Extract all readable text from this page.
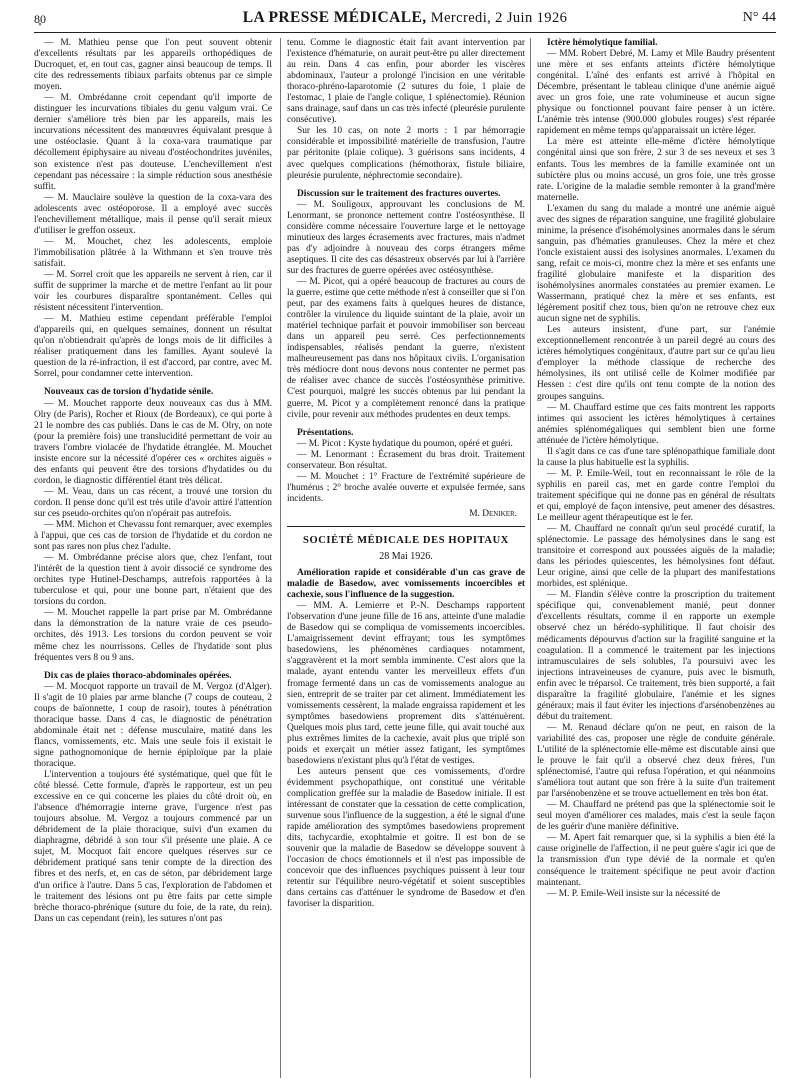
8̥0	LA PRESSE MÉDICALE, Mercredi, 2 Juin 1926	N° 44

— M. Mathieu pense que l'on peut souvent obtenir d'excellents résultats par les appareils orthopédiques de Ducroquet, et, en tout cas, gagner ainsi beaucoup de temps. Il cite des redressements tibiaux parfaits obtenus par ce simple moyen.

— M. Ombrédanne croit cependant qu'il importe de distinguer les incurvations tibiales du genu valgum vrai. Ce dernier s'améliore très bien par les appareils, mais les incurvations nécessitent des manœuvres équivalant presque à une ostéoclasie. Quant à la coxa-vara traumatique par décollement épiphysaire au niveau d'ostéochondrites juvéniles, son existence n'est pas douteuse. L'enchevillement n'est cependant pas nécessaire : la simple réduction sous anesthésie suffit.

— M. Mauclaire soulève la question de la coxa-vara des adolescents avec ostéoporose. Il a employé avec succès l'enchevillement métallique, mais il pense qu'il serait mieux d'utiliser le greffon osseux.

— M. Mouchet, chez les adolescents, emploie l'immobilisation plâtrée à la Withmann et s'en trouve très satisfait.

— M. Sorrel croit que les appareils ne servent à rien, car il suffit de supprimer la marche et de mettre l'enfant au lit pour voir les courbures disparaître spontanément. Celles qui résistent nécessitent l'intervention.

— M. Mathieu estime cependant préférable l'emploi d'appareils qui, en quelques semaines, donnent un résultat qu'on n'obtiendrait qu'après de longs mois de lit difficiles à réaliser pratiquement dans les familles. Ayant soulevé la question de la ré-infraction, il est d'accord, par contre, avec M. Sorrel, pour condamner cette intervention.

Nouveaux cas de torsion d'hydatide sénile.

— M. Mouchet rapporte deux nouveaux cas dus à MM. Olry (de Paris), Rocher et Rioux (de Bordeaux), ce qui porte à 21 le nombre des cas publiés. Dans le cas de M. Olry, on note (pour la première fois) une translucidité permettant de voir au travers l'ombre violacée de l'hydatide étranglée. M. Mouchet insiste encore sur la nécessité d'opérer ces « orchites aiguës » des enfants qui peuvent être des torsions d'hydatides ou du cordon, le diagnostic différentiel étant très délicat.

— M. Veau, dans un cas récent, a trouvé une torsion du cordon. Il pense donc qu'il est très utile d'avoir attiré l'attention sur ces pseudo-orchites qu'on n'opérait pas autrefois.

— MM. Michon et Chevassu font remarquer, avec exemples à l'appui, que ces cas de torsion de l'hydatide et du cordon ne sont pas rares non plus chez l'adulte.

— M. Ombrédanne précise alors que, chez l'enfant, tout l'intérêt de la question tient à avoir dissocié ce syndrome des orchites type Hutinel-Deschamps, autrefois rapportées à la tuberculose et qui, pour une bonne part, n'étaient que des torsions du cordon.

— M. Mouchet rappelle la part prise par M. Ombrédanne dans la démonstration de la nature vraie de ces pseudo-orchites, dès 1913. Les torsions du cordon peuvent se voir même chez les nourrissons. Celles de l'hydatide sont plus fréquentes vers 8 ou 9 ans.

Dix cas de plaies thoraco-abdominales opérées.

— M. Mocquot rapporte un travail de M. Vergoz (d'Alger). Il s'agit de 10 plaies par arme blanche (7 coups de couteau, 2 coups de baïonnette, 1 coup de rasoir), toutes à pénétration thoracique basse. Dans 4 cas, le diagnostic de pénétration abdominale était net : défense musculaire, matité dans les flancs, vomissements, etc. Mais une seule fois il existait le signe pathognomonique de hernie épiploïque par la plaie thoracique.

L'intervention a toujours été systématique, quel que fût le côté blessé. Cette formule, d'après le rapporteur, est un peu excessive en ce qui concerne les plaies du côté droit où, en l'absence d'hémorragie interne grave, l'urgence n'est pas toujours absolue. M. Vergoz a toujours commencé par un débridement de la plaie thoracique, suivi d'un examen du diaphragme, débridé à son tour s'il présente une plaie. A ce sujet, M. Mocquot fait encore quelques réserves sur ce débridement pratiqué sans tenir compte de la direction des fibres et des nerfs, et, en cas de séton, par débridement large d'un orifice à l'autre. Dans 5 cas, l'exploration de l'abdomen et le traitement des lésions ont pu être faits par cette simple brèche thoraco-phrénique (suture du foie, de la rate, du rein). Dans un cas cependant (rein), les sutures n'ont pas

tenu. Comme le diagnostic était fait avant intervention par l'existence d'hématurie, on aurait peut-être pu aller directement au rein. Dans 4 cas enfin, pour aborder les viscères abdominaux, l'auteur a prolongé l'incision en une véritable thoraco-phréno-laparotomie (2 sutures du foie, 1 plaie de l'estomac, 1 plaie de l'angle colique, 1 splénectomie). Réunion sans drainage, sauf dans un cas très infecté (pleurésie purulente consécutive).

Sur les 10 cas, on note 2 morts : 1 par hémorragie considérable et impossibilité matérielle de transfusion, l'autre par péritonite (plaie colique). 3 guérisons sans incidents, 4 avec quelques complications (hémothorax, fistule biliaire, pleurésie purulente, néphrectomie secondaire).

Discussion sur le traitement des fractures ouvertes.

— M. Soulïgoux, approuvant les conclusions de M. Lenormant, se prononce nettement contre l'ostéosynthèse. Il considère comme nécessaire l'ouverture large et le nettoyage minutieux des larges écrasements avec fractures, mais n'admet pas d'y adjoindre à nouveau des corps étrangers même aseptiques. Il cite des cas désastreux observés par lui à l'arrière sur des fractures de guerre opérées avec ostéosynthèse.

— M. Picot, qui a opéré beaucoup de fractures au cours de la guerre, estime que cette méthode n'est à conseiller que si l'on peut, par des examens faits à quelques heures de distance, contrôler la virulence du liquide suintant de la plaie, avoir un matériel technique parfait et pouvoir immobiliser son berceau dans un appareil peu serré. Ces perfectionnements indispensables, réalisés pendant la guerre, n'existent malheureusement pas dans nos hôpitaux civils. L'organisation très médiocre dont nous devons nous contenter ne permet pas de réaliser avec chance de succès l'ostéosynthèse primitive. C'est pourquoi, malgré les succès obtenus par lui pendant la guerre, M. Picot y a complètement renoncé dans la pratique civile, pour revenir aux méthodes prudentes en deux temps.

Présentations.

— M. Picot : Kyste hydatique du poumon, opéré et guéri.

— M. Lenormant : Écrasement du bras droit. Traitement conservateur. Bon résultat.

— M. Mouchet : 1° Fracture de l'extrémité supérieure de l'humérus ; 2° broche avalée ouverte et expulsée fermée, sans incidents.

M. Deniker.

SOCIÉTÉ MÉDICALE DES HOPITAUX

28 Mai 1926.

Amélioration rapide et considérable d'un cas grave de maladie de Basedow, avec vomissements incoercibles et cachexie, sous l'influence de la suggestion.

— MM. A. Lemierre et P.-N. Deschamps rapportent l'observation d'une jeune fille de 16 ans, atteinte d'une maladie de Basedow qui se compliqua de vomissements incoercibles. L'amaigrissement devint effrayant; tous les symptômes basedowiens, les phénomènes cardiaques notamment, s'aggravèrent et la mort sembla imminente. C'est alors que la malade, ayant entendu vanter les merveilleux effets d'un fromage fermenté dans un cas de vomissements analogue au sien, entreprit de se traiter par cet aliment. Immédiatement les vomissements cessèrent, la malade engraissa rapidement et les symptômes basedowiens proprement dits s'atténuèrent. Quelques mois plus tard, cette jeune fille, qui avait touché aux plus extrêmes limites de la cachexie, avait plus que triplé son poids et exerçait un métier assez fatigant, les symptômes basedowiens n'existant plus qu'à l'état de vestiges.

Les auteurs pensent que ces vomissements, d'ordre évidemment psychopathique, ont constitué une véritable complication greffée sur la maladie de Basedow initiale. Il est intéressant de constater que la cessation de cette complication, survenue sous l'influence de la suggestion, a été le signal d'une rapide amélioration des symptômes basedowiens proprement dits, tachycardie, exophtalmie et goitre. Il est bon de se souvenir que la maladie de Basedow se développe souvent à l'occasion de chocs émotionnels et il n'est pas impossible de concevoir que des influences psychiques puissent à leur tour retentir sur l'équilibre neuro-végétatif et soient susceptibles dans certains cas d'atténuer le syndrome de Basedow et d'en favoriser la disparition.

Ictère hémolytique familial.

— MM. Robert Debré, M. Lamy et Mlle Baudry présentent une mère et ses enfants atteints d'ictère hémolytique congénital. L'aîné des enfants est arrivé à l'hôpital en Décembre, présentant le tableau clinique d'une anémie aiguë avec un gros foie, une rate volumineuse et aucun signe physique ou fonctionnel pouvant faire penser à un ictère. L'anémie très intense (900.000 globules rouges) s'est réparée rapidement en même temps qu'apparaissait un ictère léger.

La mère est atteinte elle-même d'ictère hémolytique congénital ainsi que son frère, 2 sur 3 de ses neveux et ses 3 enfants. Tous les membres de la famille examinée ont un subictère plus ou moins accusé, un gros foie, une très grosse rate. L'origine de la maladie semble remonter à la grand'mère maternelle.

L'examen du sang du malade a montré une anémie aiguë avec des signes de réparation sanguine, une fragilité globulaire minime, la présence d'isohémolysines anormales dans le sérum sanguin, pas d'hématies granuleuses. Chez la mère et chez l'oncle existaient aussi des isolysines anormales. L'examen du sang, refait ce mois-ci, montre chez la mère et ses enfants une fragilité globulaire manifeste et la disparition des isohémolysines anormales constatées au premier examen. Le Wassermann, pratiqué chez la mère et ses enfants, est légèrement positif chez tous, bien qu'on ne retrouve chez eux aucun signe net de syphilis.

Les auteurs insistent, d'une part, sur l'anémie exceptionnellement rencontrée à un pareil degré au cours des ictères hémolytiques congénitaux, d'autre part sur ce qu'au lieu d'employer la méthode classique de recherche des hémolysines, ils ont utilisé celle de Kolmer modifiée par Hessen : c'est dire qu'ils ont tenu compte de la notion des groupes sanguins.

— M. Chauffard estime que ces faits montrent les rapports intimes qui associent les ictères hémolytiques à certaines anémies splénomégaliques qui semblent bien une forme atténuée de l'ictère hémolytique.

Il s'agit dans ce cas d'une tare splénopathique familiale dont la cause la plus habituelle est la syphilis.

— M. P. Emile-Weil, tout en reconnaissant le rôle de la syphilis en pareil cas, met en garde contre l'emploi du traitement spécifique qui ne donne pas en général de résultats et qui, employé de façon intensive, peut amener des désastres. Le meilleur agent thérapeutique est le fer.

— M. Chauffard ne connaît qu'un seul procédé curatif, la splénectomie. Le passage des hémolysines dans le sang est transitoire et correspond aux poussées aiguës de la maladie; dans les périodes quiescentes, les hémolysines font défaut. Leur origine, ainsi que celle de la plupart des manifestations morbides, est splénique.

— M. Flandin s'élève contre la proscription du traitement spécifique qui, convenablement manié, peut donner d'excellents résultats, comme il en rapporte un exemple observé chez un hérédo-syphilitique. Il faut choisir des médicaments dépourvus d'action sur la fragilité sanguine et la coagulation. Il a commencé le traitement par les injections intramusculaires de sels solubles, l'a poursuivi avec les injections intraveineuses de cyanure, puis avec le bismuth, enfin avec le tréparsol. Ce traitement, très bien supporté, a fait disparaître la fragilité globulaire, l'anémie et les signes généraux; mais il faut éviter les injections d'arsénobenzènes au début du traitement.

— M. Renaud déclare qu'on ne peut, en raison de la variabilité des cas, proposer une règle de conduite générale. L'utilité de la splénectomie elle-même est discutable ainsi que le prouve le fait qu'il a observé chez deux frères, l'un splénectomisé, l'autre qui refusa l'opération, et qui néanmoins s'améliora tout autant que son frère à la suite d'un traitement par l'arsénobenzène et se trouve actuellement en très bon état.

— M. Chauffard ne prétend pas que la splénectomie soit le seul moyen d'améliorer ces malades, mais c'est la seule façon de les guérir d'une manière définitive.

— M. Apert fait remarquer que, si la syphilis a bien été la cause originelle de l'affection, il ne peut guère s'agir ici que de la transmission d'un type dévié de la normale et qu'en conséquence le traitement spécifique ne peut avoir d'action maintenant.

— M. P. Emile-Weil insiste sur la nécessité de
